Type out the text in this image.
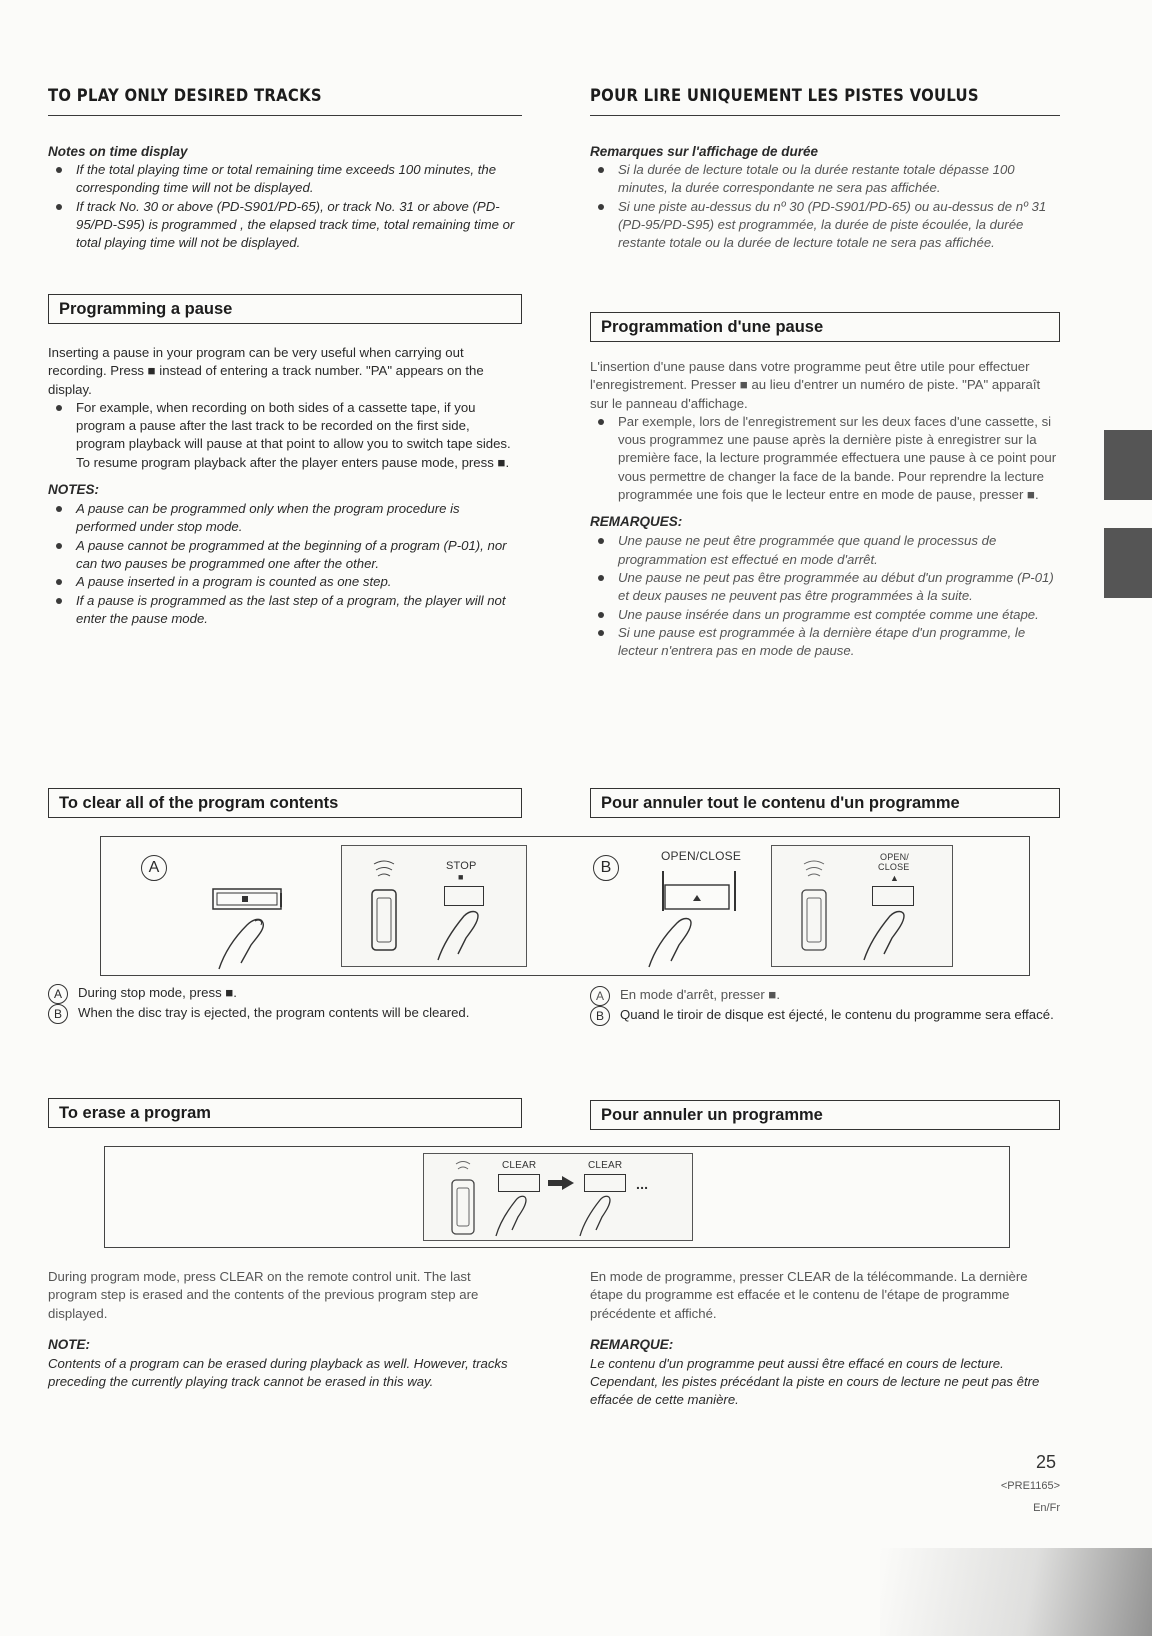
TO PLAY ONLY DESIRED TRACKS
Notes on time display
If the total playing time or total remaining time exceeds 100 minutes, the corresponding time will not be displayed.
If track No. 30 or above (PD-S901/PD-65), or track No. 31 or above (PD-95/PD-S95) is programmed , the elapsed track time, total remaining time or total playing time will not be displayed.
Programming a pause

Inserting a pause in your program can be very useful when carrying out recording. Press ■ instead of entering a track number. "PA" appears on the display.

For example, when recording on both sides of a cassette tape, if you program a pause after the last track to be recorded on the first side, program playback will pause at that point to allow you to switch tape sides. To resume program playback after the player enters pause mode, press ■.
NOTES:
A pause can be programmed only when the program procedure is performed under stop mode.
A pause cannot be programmed at the beginning of a program (P-01), nor can two pauses be programmed one after the other.
A pause inserted in a program is counted as one step.
If a pause is programmed as the last step of a program, the player will not enter the pause mode.
To clear all of the program contents
POUR LIRE UNIQUEMENT LES PISTES VOULUS
Remarques sur l'affichage de durée
Si la durée de lecture totale ou la durée restante totale dépasse 100 minutes, la durée correspondante ne sera pas affichée.
Si une piste au-dessus du nº 30 (PD-S901/PD-65) ou au-dessus de nº 31 (PD-95/PD-S95) est programmée, la durée de piste écoulée, la durée restante totale ou la durée de lecture totale ne sera pas affichée.
Programmation d'une pause

L'insertion d'une pause dans votre programme peut être utile pour effectuer l'enregistrement. Presser ■ au lieu d'entrer un numéro de piste. "PA" apparaît sur le panneau d'affichage.

Par exemple, lors de l'enregistrement sur les deux faces d'une cassette, si vous programmez une pause après la dernière piste à enregistrer sur la première face, la lecture programmée effectuera une pause à ce point pour vous permettre de changer la face de la bande. Pour reprendre la lecture programmée une fois que le lecteur entre en mode de pause, presser ■.
REMARQUES:
Une pause ne peut être programmée que quand le processus de programmation est effectué en mode d'arrêt.
Une pause ne peut pas être programmée au début d'un programme (P-01) et deux pauses ne peuvent pas être programmées à la suite.
Une pause insérée dans un programme est comptée comme une étape.
Si une pause est programmée à la dernière étape d'un programme, le lecteur n'entrera pas en mode de pause.
Pour annuler tout le contenu d'un programme
A	STOP
■
B
OPEN/CLOSE	OPEN/
CLOSE
▲
A	During stop mode, press ■.
B	When the disc tray is ejected, the program contents will be cleared.
A	En mode d'arrêt, presser ■.
B	Quand le tiroir de disque est éjecté, le contenu du programme sera effacé.
To erase a program	Pour annuler un programme
CLEAR	CLEAR
...

During program mode, press CLEAR on the remote control unit. The last program step is erased and the contents of the previous program step are displayed.

NOTE:

Contents of a program can be erased during playback as well. However, tracks preceding the currently playing track cannot be erased in this way.

En mode de programme, presser CLEAR de la télécommande. La dernière étape du programme est effacée et le contenu de l'étape de programme précédente et affiché.

REMARQUE:

Le contenu d'un programme peut aussi être effacé en cours de lecture. Cependant, les pistes précédant la piste en cours de lecture ne peut pas être effacée de cette manière.

25
<PRE1165>
En/Fr
